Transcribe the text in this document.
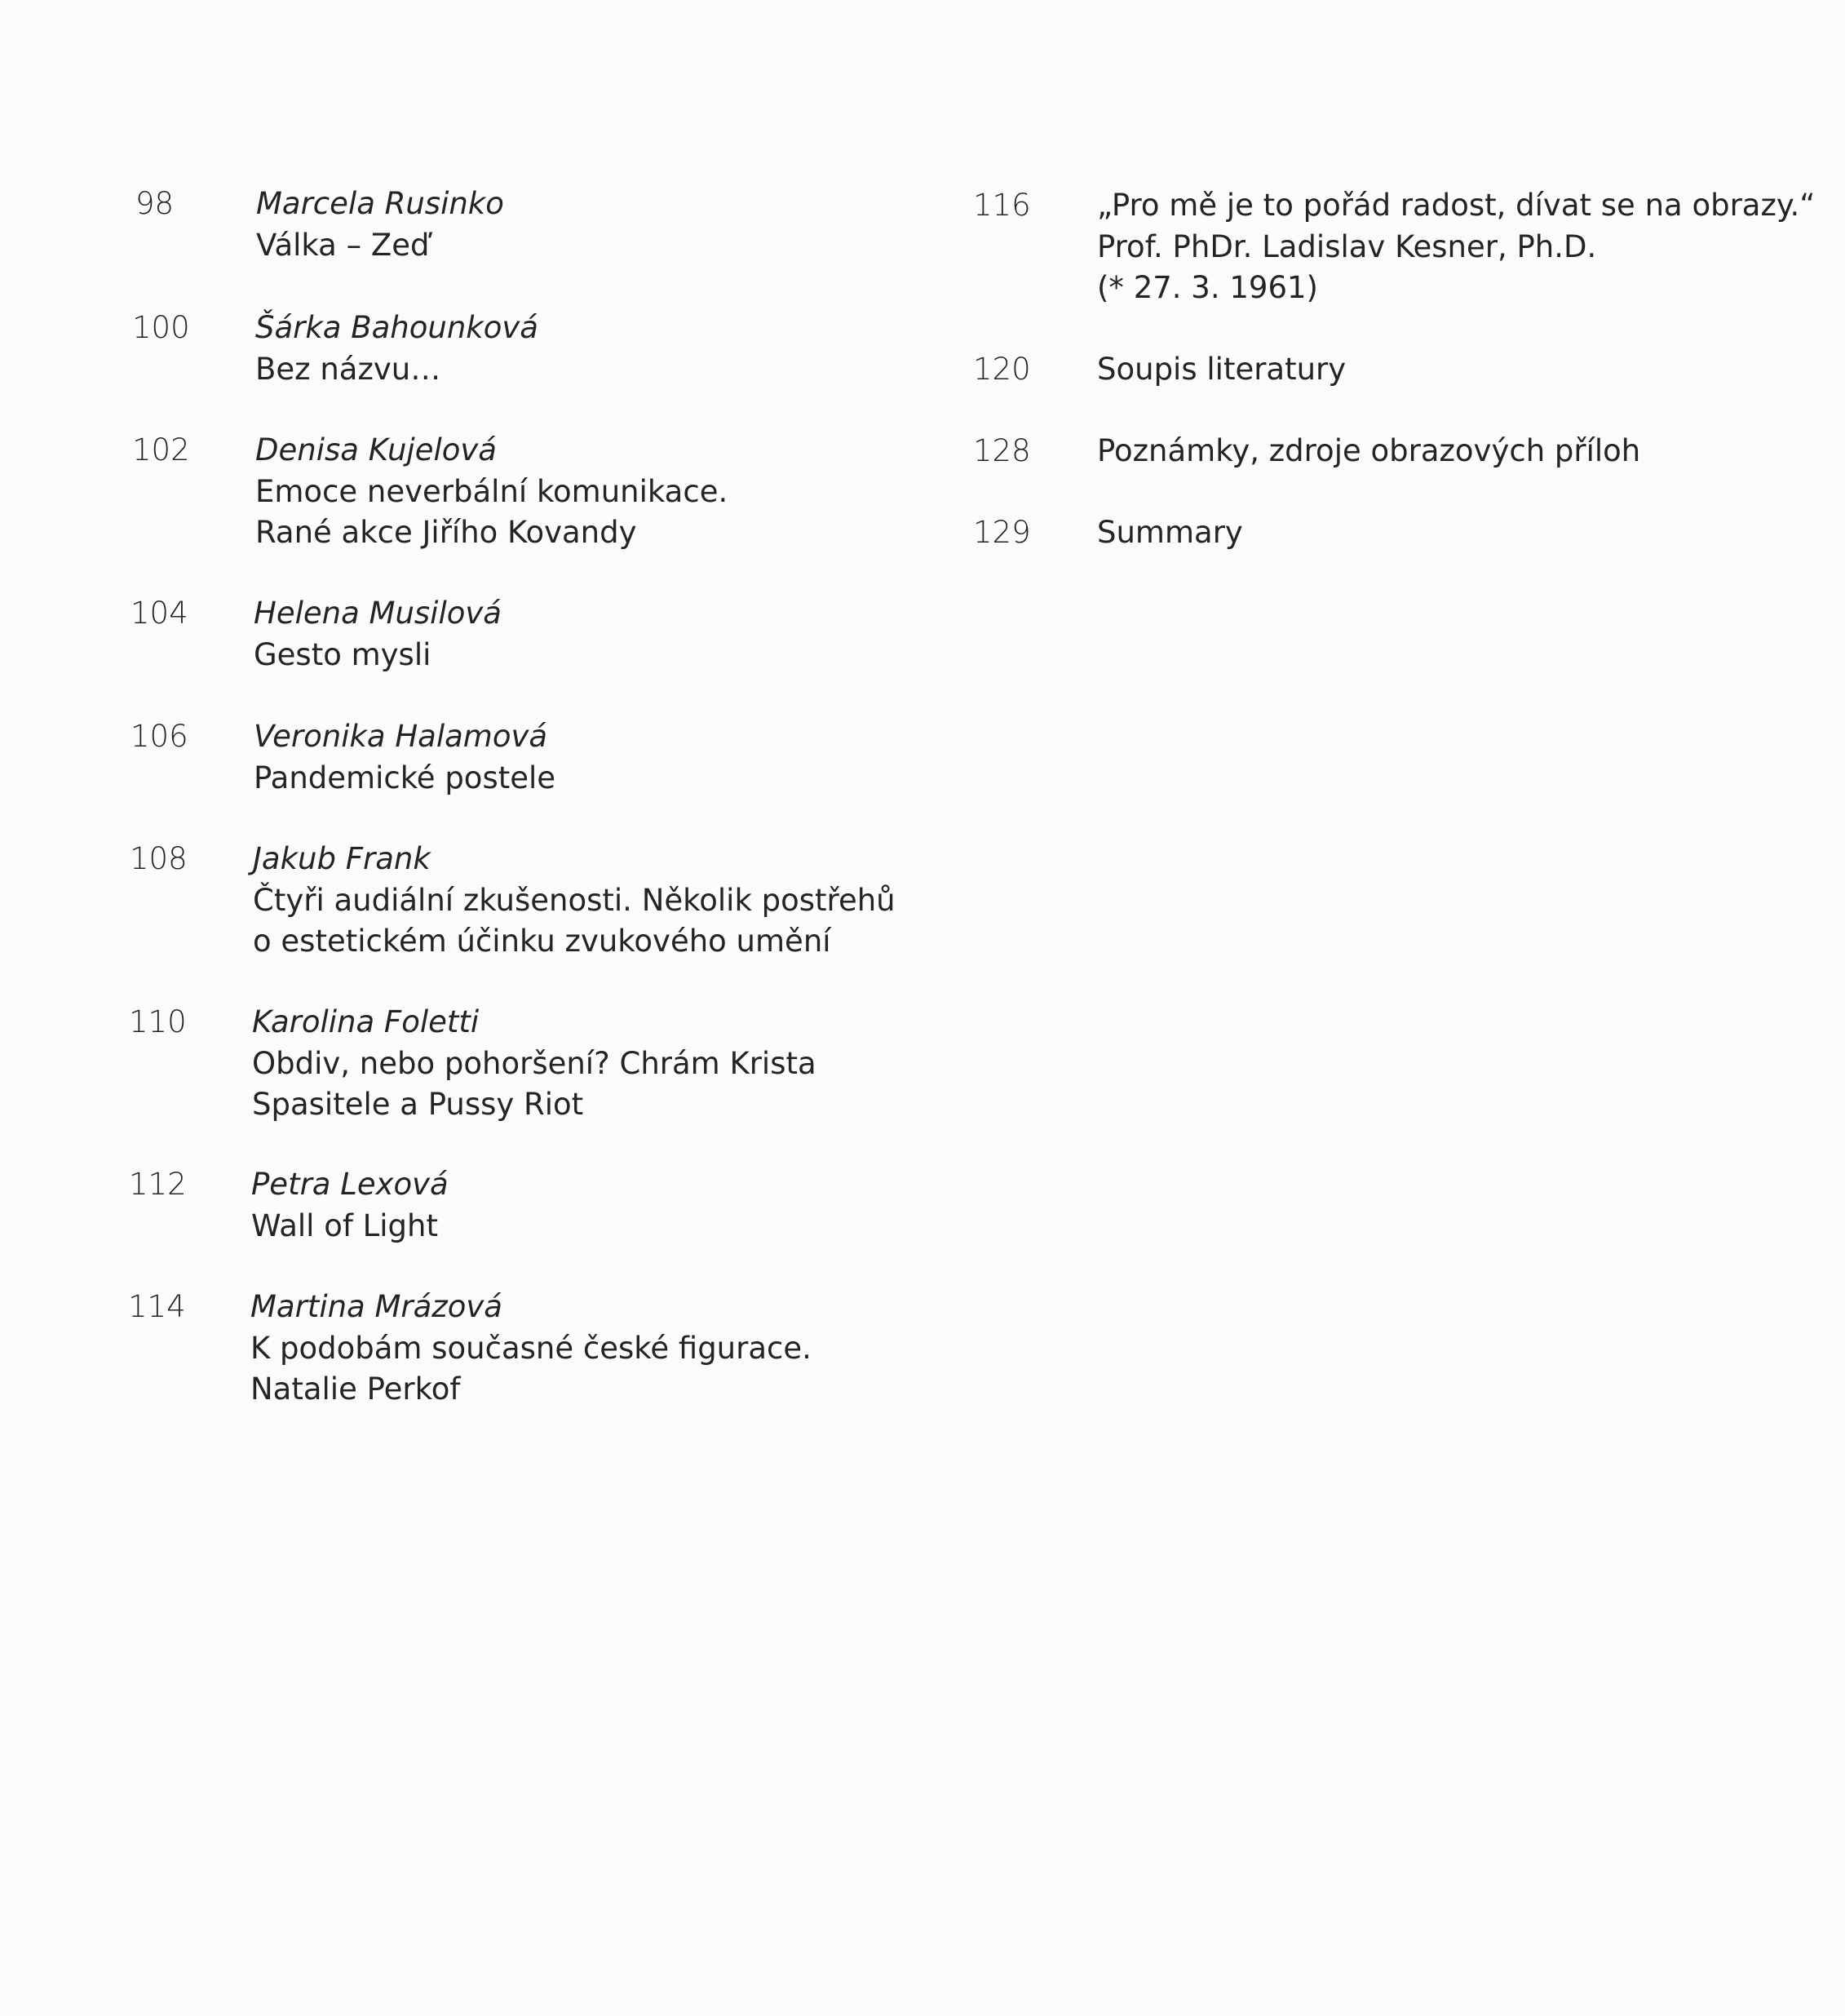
98	Marcela Rusinko
Válka – Zeď
100 Šárka Bahounková
Bez názvu…
102 Denisa Kujelová
Emoce neverbální komunikace.
Rané akce Jiřího Kovandy
104 Helena Musilová
Gesto mysli
106 Veronika Halamová
Pandemické postele
108 Jakub Frank
Čtyři audiální zkušenosti. Několik postřehů
o estetickém účinku zvukového umění
110 Karolina Foletti
Obdiv, nebo pohoršení? Chrám Krista
Spasitele a Pussy Riot
112 Petra Lexová
Wall of Light
114 Martina Mrázová
K podobám současné české figurace.
Natalie Perkof
116 „Pro mě je to pořád radost, dívat se na obrazy.“
Prof. PhDr. Ladislav Kesner, Ph.D.
(* 27. 3. 1961)
120 Soupis literatury
128 Poznámky, zdroje obrazových příloh
129 Summary
